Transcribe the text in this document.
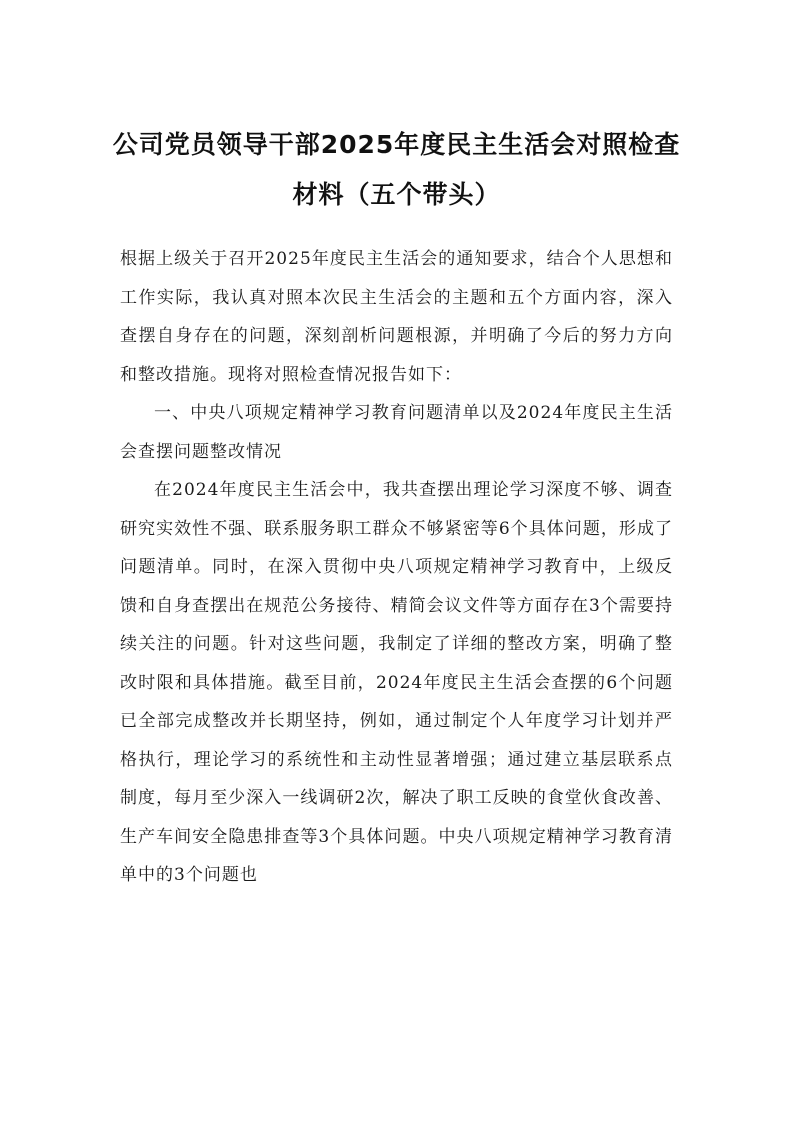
公司党员领导干部2025年度民主生活会对照检查材料（五个带头）

根据上级关于召开2025年度民主生活会的通知要求，结合个人思想和工作实际，我认真对照本次民主生活会的主题和五个方面内容，深入查摆自身存在的问题，深刻剖析问题根源，并明确了今后的努力方向和整改措施。现将对照检查情况报告如下：

一、中央八项规定精神学习教育问题清单以及2024年度民主生活会查摆问题整改情况

在2024年度民主生活会中，我共查摆出理论学习深度不够、调查研究实效性不强、联系服务职工群众不够紧密等6个具体问题，形成了问题清单。同时，在深入贯彻中央八项规定精神学习教育中，上级反馈和自身查摆出在规范公务接待、精简会议文件等方面存在3个需要持续关注的问题。针对这些问题，我制定了详细的整改方案，明确了整改时限和具体措施。截至目前，2024年度民主生活会查摆的6个问题已全部完成整改并长期坚持，例如，通过制定个人年度学习计划并严格执行，理论学习的系统性和主动性显著增强；通过建立基层联系点制度，每月至少深入一线调研2次，解决了职工反映的食堂伙食改善、生产车间安全隐患排查等3个具体问题。中央八项规定精神学习教育清单中的3个问题也
